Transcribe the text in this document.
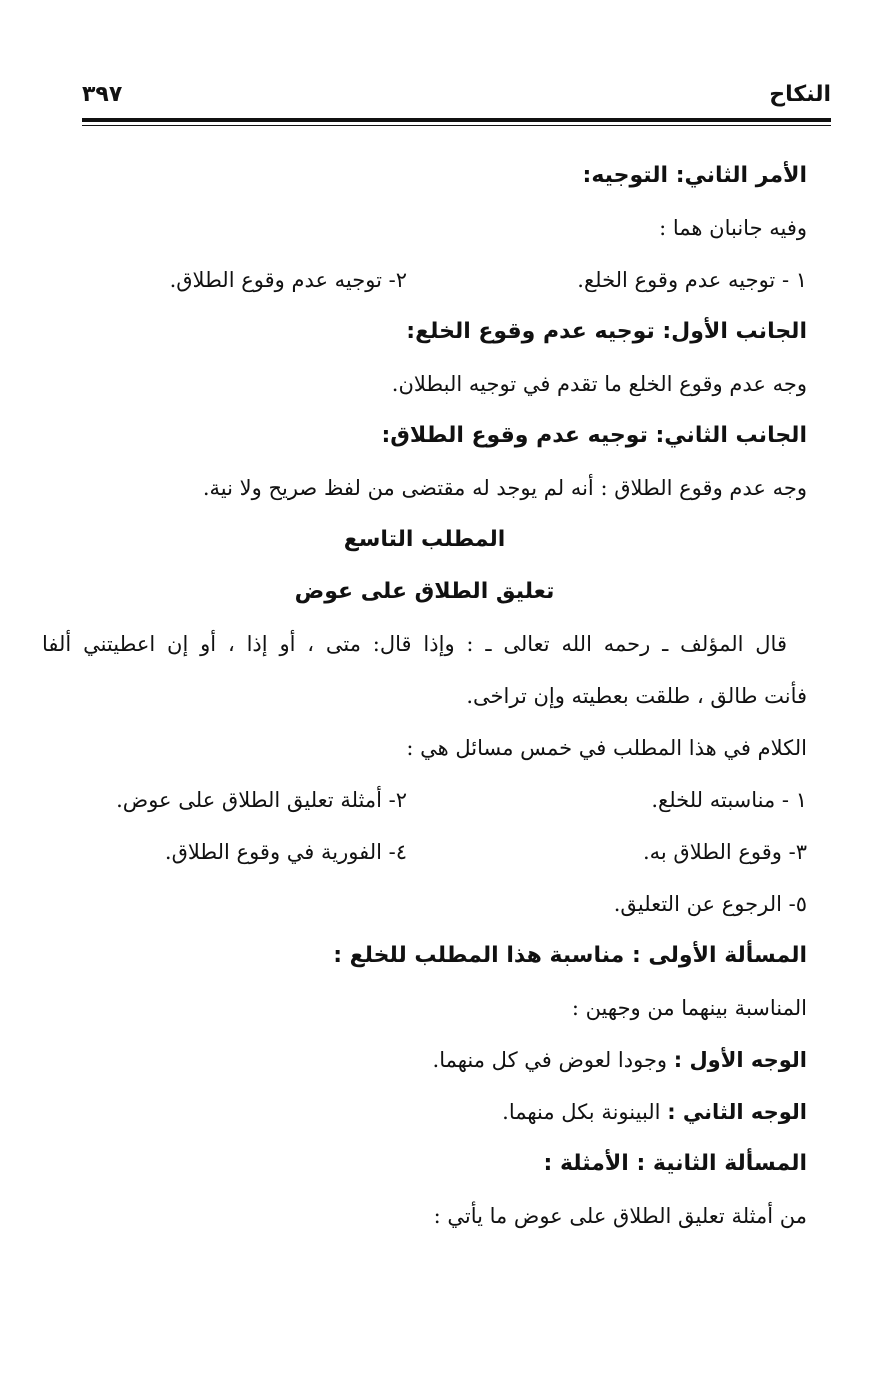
النكاح
٣٩٧
الأمر الثاني: التوجيه:
وفيه جانبان هما :
١ - توجيه عدم وقوع الخلع.
٢- توجيه عدم وقوع الطلاق.
الجانب الأول: توجيه عدم وقوع الخلع:
وجه عدم وقوع الخلع ما تقدم في توجيه البطلان.
الجانب الثاني: توجيه عدم وقوع الطلاق:
وجه عدم وقوع الطلاق : أنه لم يوجد له مقتضى من لفظ صريح ولا نية.
المطلب التاسع
تعليق الطلاق على عوض
قال المؤلف ـ رحمه الله تعالى ـ : وإذا قال: متى ، أو إذا ، أو إن اعطيتني ألفا
فأنت طالق ، طلقت بعطيته وإن تراخى.
الكلام في هذا المطلب في خمس مسائل هي :
١ - مناسبته للخلع.
٢- أمثلة تعليق الطلاق على عوض.
٣- وقوع الطلاق به.
٤- الفورية في وقوع الطلاق.
٥- الرجوع عن التعليق.
المسألة الأولى : مناسبة هذا المطلب للخلع :
المناسبة بينهما من وجهين :
الوجه الأول : وجودا لعوض في كل منهما.
الوجه الثاني : البينونة بكل منهما.
المسألة الثانية : الأمثلة :
من أمثلة تعليق الطلاق على عوض ما يأتي :
